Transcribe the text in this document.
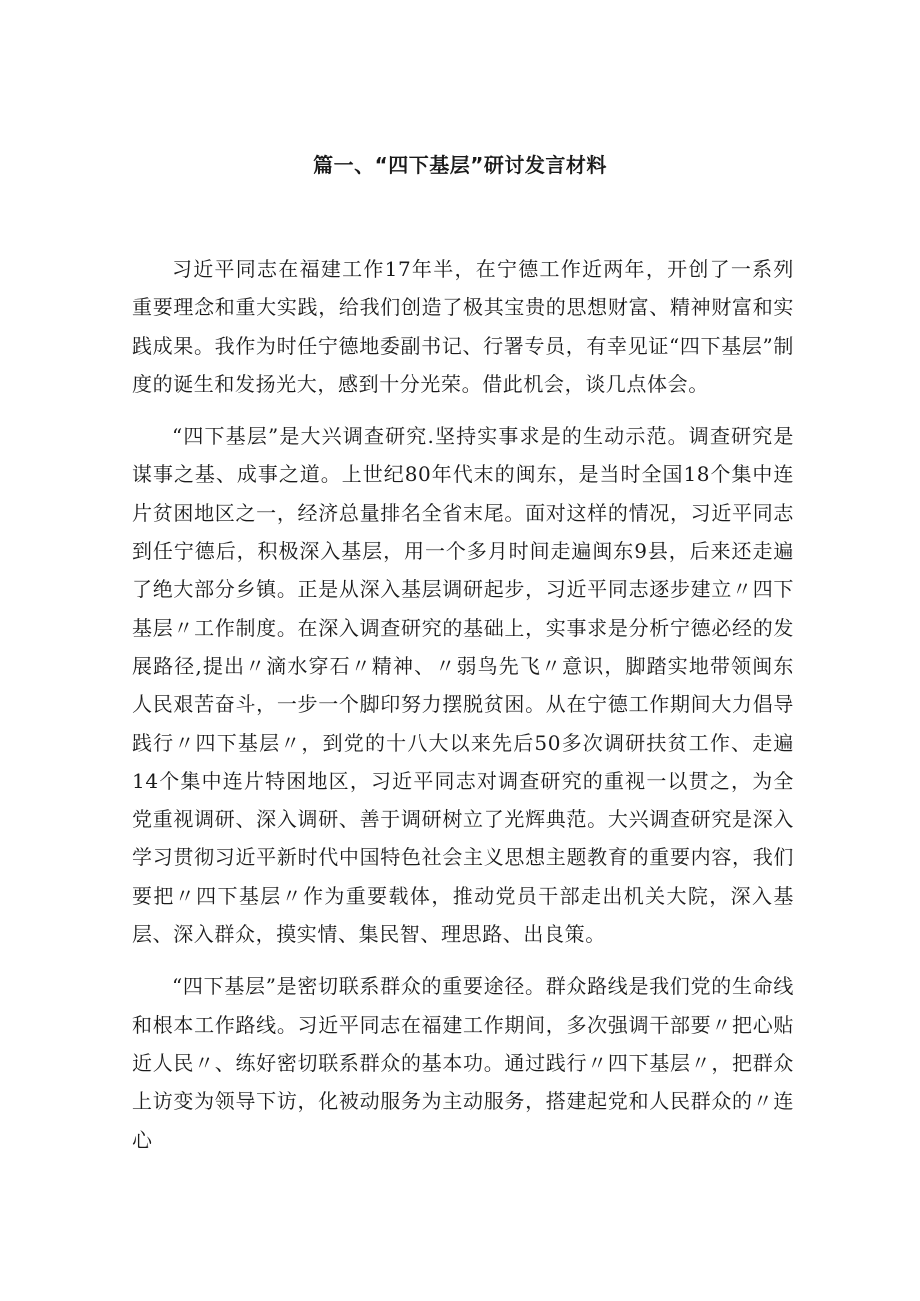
篇一、“四下基层”研讨发言材料

习近平同志在福建工作17年半，在宁德工作近两年，开创了一系列重要理念和重大实践，给我们创造了极其宝贵的思想财富、精神财富和实践成果。我作为时任宁德地委副书记、行署专员，有幸见证“四下基层”制度的诞生和发扬光大，感到十分光荣。借此机会，谈几点体会。

“四下基层”是大兴调查研究.坚持实事求是的生动示范。调查研究是谋事之基、成事之道。上世纪80年代末的闽东，是当时全国18个集中连片贫困地区之一，经济总量排名全省末尾。面对这样的情况，习近平同志到任宁德后，积极深入基层，用一个多月时间走遍闽东9县，后来还走遍了绝大部分乡镇。正是从深入基层调研起步，习近平同志逐步建立〃四下基层〃工作制度。在深入调查研究的基础上，实事求是分析宁德必经的发展路径,提出〃滴水穿石〃精神、〃弱鸟先飞〃意识，脚踏实地带领闽东人民艰苦奋斗，一步一个脚印努力摆脱贫困。从在宁德工作期间大力倡导践行〃四下基层〃，到党的十八大以来先后50多次调研扶贫工作、走遍14个集中连片特困地区，习近平同志对调查研究的重视一以贯之，为全党重视调研、深入调研、善于调研树立了光辉典范。大兴调查研究是深入学习贯彻习近平新时代中国特色社会主义思想主题教育的重要内容，我们要把〃四下基层〃作为重要载体，推动党员干部走出机关大院，深入基层、深入群众，摸实情、集民智、理思路、出良策。

“四下基层”是密切联系群众的重要途径。群众路线是我们党的生命线和根本工作路线。习近平同志在福建工作期间，多次强调干部要〃把心贴近人民〃、练好密切联系群众的基本功。通过践行〃四下基层〃，把群众上访变为领导下访，化被动服务为主动服务，搭建起党和人民群众的〃连心
